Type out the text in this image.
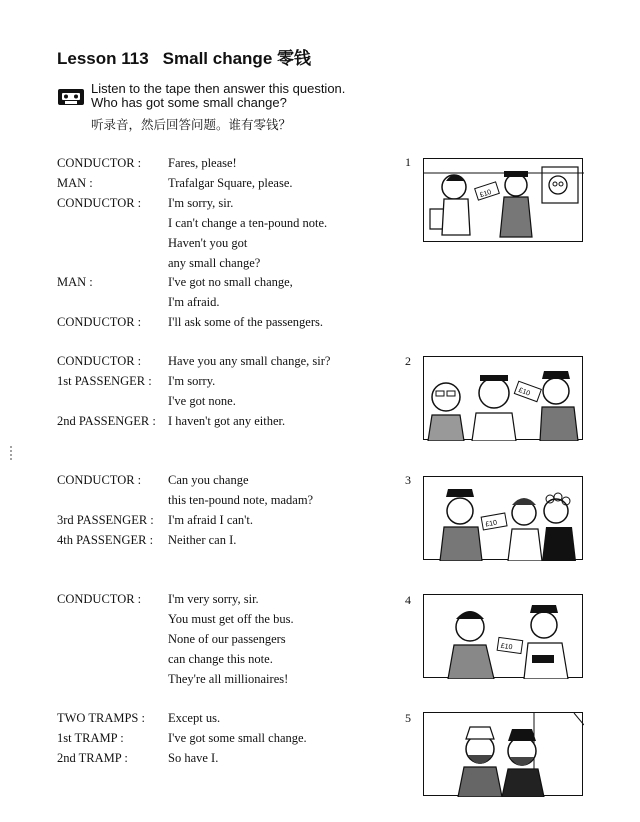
Lesson 113 Small change 零钱
Listen to the tape then answer this question.
Who has got some small change?
听录音，然后回答问题。谁有零钱？
CONDUCTOR : Fares, please!
MAN :	Trafalgar Square, please.
CONDUCTOR : I'm sorry, sir.
I can't change a ten-pound note.
Haven't you got
any small change?
MAN :	I've got no small change,
I'm afraid.
CONDUCTOR : I'll ask some of the passengers.
CONDUCTOR : Have you any small change, sir?
1st PASSENGER : I'm sorry.
I've got none.
2nd PASSENGER : I haven't got any either.
CONDUCTOR : Can you change
this ten-pound note, madam?
3rd PASSENGER : I'm afraid I can't.
4th PASSENGER : Neither can I.
CONDUCTOR : I'm very sorry, sir.
You must get off the bus.
None of our passengers
can change this note.
They're all millionaires!
TWO TRAMPS : Except us.
1st TRAMP :	I've got some small change.
2nd TRAMP :	So have I.
1
£10
2
£10
3
£10
4
£10
5
